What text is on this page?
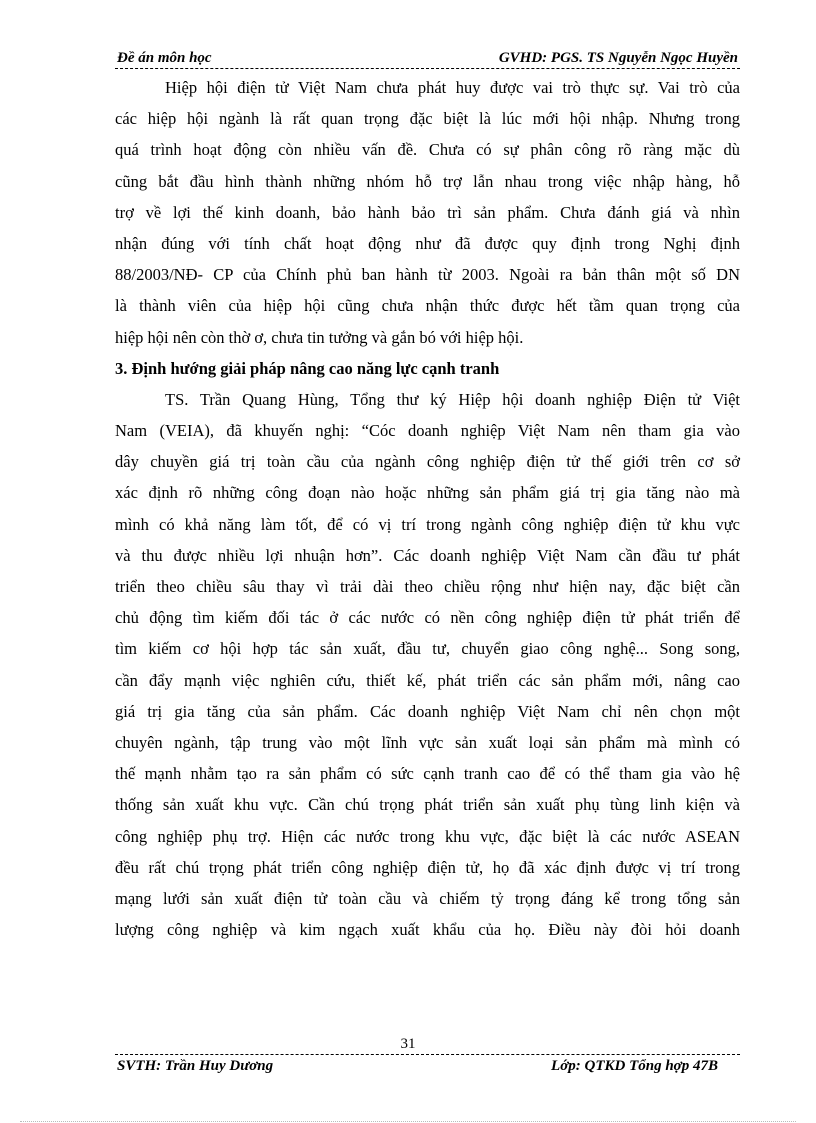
Đề án môn học	GVHD: PGS. TS Nguyễn Ngọc Huyền
Hiệp hội điện tử Việt Nam chưa phát huy được vai trò thực sự. Vai trò của
các hiệp hội ngành là rất quan trọng đặc biệt là lúc mới hội nhập. Nhưng trong
quá trình hoạt động còn nhiều vấn đề. Chưa có sự phân công rõ ràng mặc dù
cũng bắt đầu hình thành những nhóm hỗ trợ lẫn nhau trong việc nhập hàng, hỗ
trợ về lợi thế kinh doanh, bảo hành bảo trì sản phẩm. Chưa đánh giá và nhìn
nhận đúng với tính chất hoạt động như đã được quy định trong Nghị định
88/2003/NĐ- CP của Chính phủ ban hành từ 2003. Ngoài ra bản thân một số DN
là thành viên của hiệp hội cũng chưa nhận thức được hết tầm quan trọng của
hiệp hội nên còn thờ ơ, chưa tin tưởng và gắn bó với hiệp hội.
3. Định hướng giải pháp nâng cao năng lực cạnh tranh
TS. Trần Quang Hùng, Tổng thư ký Hiệp hội doanh nghiệp Điện tử Việt
Nam (VEIA), đã khuyến nghị: “Cóc doanh nghiệp Việt Nam nên tham gia vào
dây chuyền giá trị toàn cầu của ngành công nghiệp điện tử thế giới trên cơ sở
xác định rõ những công đoạn nào hoặc những sản phẩm giá trị gia tăng nào mà
mình có khả năng làm tốt, để có vị trí trong ngành công nghiệp điện tử khu vực
và thu được nhiều lợi nhuận hơn”. Các doanh nghiệp Việt Nam cần đầu tư phát
triển theo chiều sâu thay vì trải dài theo chiều rộng như hiện nay, đặc biệt cần
chủ động tìm kiếm đối tác ở các nước có nền công nghiệp điện tử phát triển để
tìm kiếm cơ hội hợp tác sản xuất, đầu tư, chuyển giao công nghệ... Song song,
cần đẩy mạnh việc nghiên cứu, thiết kế, phát triển các sản phẩm mới, nâng cao
giá trị gia tăng của sản phẩm. Các doanh nghiệp Việt Nam chỉ nên chọn một
chuyên ngành, tập trung vào một lĩnh vực sản xuất loại sản phẩm mà mình có
thế mạnh nhằm tạo ra sản phẩm có sức cạnh tranh cao để có thể tham gia vào hệ
thống sản xuất khu vực. Cần chú trọng phát triển sản xuất phụ tùng linh kiện và
công nghiệp phụ trợ. Hiện các nước trong khu vực, đặc biệt là các nước ASEAN
đều rất chú trọng phát triển công nghiệp điện tử, họ đã xác định được vị trí trong
mạng lưới sản xuất điện tử toàn cầu và chiếm tỷ trọng đáng kể trong tổng sản
lượng công nghiệp và kim ngạch xuất khẩu của họ. Điều này đòi hỏi doanh
31
SVTH: Trần Huy Dương	Lớp: QTKD Tổng hợp 47B
